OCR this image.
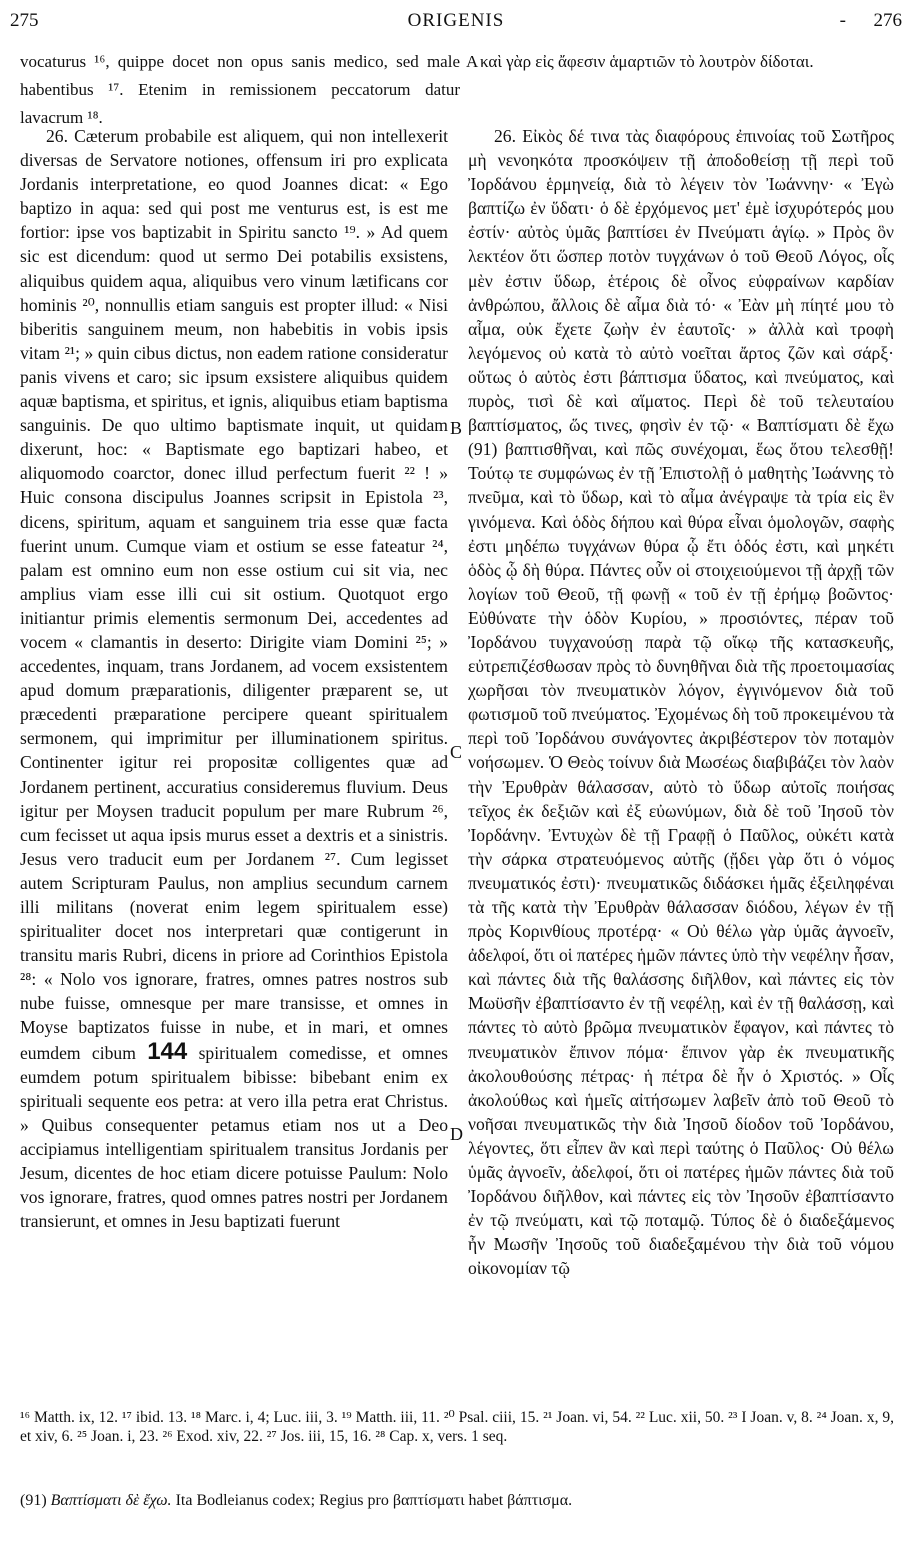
275	ORIGENIS	- 276
vocaturus ¹⁶, quippe docet non opus sanis medico, sed male habentibus ¹⁷. Etenim in remissionem peccatorum datur lavacrum ¹⁸.
A καὶ γὰρ εἰς ἄφεσιν ἁμαρτιῶν τὸ λουτρὸν δίδοται.

26. Cæterum probabile est aliquem, qui non intellexerit diversas de Servatore notiones, offensum iri pro explicata Jordanis interpretatione, eo quod Joannes dicat: « Ego baptizo in aqua: sed qui post me venturus est, is est me fortior: ipse vos baptizabit in Spiritu sancto ¹⁹. » Ad quem sic est dicendum: quod ut sermo Dei potabilis exsistens, aliquibus quidem aqua, aliquibus vero vinum lætificans cor hominis ²⁰, nonnullis etiam sanguis est propter illud: « Nisi biberitis sanguinem meum, non habebitis in vobis ipsis vitam ²¹; » quin cibus dictus, non eadem ratione consideratur panis vivens et caro; sic ipsum exsistere aliquibus quidem aquæ baptisma, et spiritus, et ignis, aliquibus etiam baptisma sanguinis. De quo ultimo baptismate inquit, ut quidam dixerunt, hoc: « Baptismate ego baptizari habeo, et aliquomodo coarctor, donec illud perfectum fuerit ²² ! » Huic consona discipulus Joannes scripsit in Epistola ²³, dicens, spiritum, aquam et sanguinem tria esse quæ facta fuerint unum. Cumque viam et ostium se esse fateatur ²⁴, palam est omnino eum non esse ostium cui sit via, nec amplius viam esse illi cui sit ostium. Quotquot ergo initiantur primis elementis sermonum Dei, accedentes ad vocem « clamantis in deserto: Dirigite viam Domini ²⁵; » accedentes, inquam, trans Jordanem, ad vocem exsistentem apud domum præparationis, diligenter præparent se, ut præcedenti præparatione percipere queant spiritualem sermonem, qui imprimitur per illuminationem spiritus. Continenter igitur rei propositæ colligentes quæ ad Jordanem pertinent, accuratius consideremus fluvium. Deus igitur per Moysen traducit populum per mare Rubrum ²⁶, cum fecisset ut aqua ipsis murus esset a dextris et a sinistris. Jesus vero traducit eum per Jordanem ²⁷. Cum legisset autem Scripturam Paulus, non amplius secundum carnem illi militans (noverat enim legem spiritualem esse) spiritualiter docet nos interpretari quæ contigerunt in transitu maris Rubri, dicens in priore ad Corinthios Epistola ²⁸: « Nolo vos ignorare, fratres, omnes patres nostros sub nube fuisse, omnesque per mare transisse, et omnes in Moyse baptizatos fuisse in nube, et in mari, et omnes eumdem cibum 144 spiritualem comedisse, et omnes eumdem potum spiritualem bibisse: bibebant enim ex spirituali sequente eos petra: at vero illa petra erat Christus. » Quibus consequenter petamus etiam nos ut a Deo accipiamus intelligentiam spiritualem transitus Jordanis per Jesum, dicentes de hoc etiam dicere potuisse Paulum: Nolo vos ignorare, fratres, quod omnes patres nostri per Jordanem transierunt, et omnes in Jesu baptizati fuerunt

B
C
D

26. Εἰκὸς δέ τινα τὰς διαφόρους ἐπινοίας τοῦ Σωτῆρος μὴ νενοηκότα προσκόψειν τῇ ἀποδοθείσῃ τῇ περὶ τοῦ Ἰορδάνου ἑρμηνείᾳ, διὰ τὸ λέγειν τὸν Ἰωάννην· « Ἐγὼ βαπτίζω ἐν ὕδατι· ὁ δὲ ἐρχόμενος μετ' ἐμὲ ἰσχυρότερός μου ἐστίν· αὐτὸς ὑμᾶς βαπτίσει ἐν Πνεύματι ἁγίῳ. » Πρὸς ὃν λεκτέον ὅτι ὥσπερ ποτὸν τυγχάνων ὁ τοῦ Θεοῦ Λόγος, οἷς μὲν ἐστιν ὕδωρ, ἑτέροις δὲ οἶνος εὐφραίνων καρδίαν ἀνθρώπου, ἄλλοις δὲ αἷμα διὰ τό· « Ἐὰν μὴ πίητέ μου τὸ αἷμα, οὐκ ἔχετε ζωὴν ἐν ἑαυτοῖς· » ἀλλὰ καὶ τροφὴ λεγόμενος οὐ κατὰ τὸ αὐτὸ νοεῖται ἄρτος ζῶν καὶ σάρξ· οὕτως ὁ αὐτὸς ἐστι βάπτισμα ὕδατος, καὶ πνεύματος, καὶ πυρὸς, τισὶ δὲ καὶ αἵματος. Περὶ δὲ τοῦ τελευταίου βαπτίσματος, ὥς τινες, φησὶν ἐν τῷ· « Βαπτίσματι δὲ ἔχω (91) βαπτισθῆναι, καὶ πῶς συνέχομαι, ἕως ὅτου τελεσθῇ! Τούτῳ τε συμφώνως ἐν τῇ Ἐπιστολῇ ὁ μαθητὴς Ἰωάννης τὸ πνεῦμα, καὶ τὸ ὕδωρ, καὶ τὸ αἷμα ἀνέγραψε τὰ τρία εἰς ἓν γινόμενα. Καὶ ὁδὸς δήπου καὶ θύρα εἶναι ὁμολογῶν, σαφὴς ἐστι μηδέπω τυγχάνων θύρα ᾧ ἔτι ὁδός ἐστι, καὶ μηκέτι ὁδὸς ᾧ δὴ θύρα. Πάντες οὖν οἱ στοιχειούμενοι τῇ ἀρχῇ τῶν λογίων τοῦ Θεοῦ, τῇ φωνῇ « τοῦ ἐν τῇ ἐρήμῳ βοῶντος· Εὐθύνατε τὴν ὁδὸν Κυρίου, » προσιόντες, πέραν τοῦ Ἰορδάνου τυγχανούσῃ παρὰ τῷ οἴκῳ τῆς κατασκευῆς, εὐτρεπιζέσθωσαν πρὸς τὸ δυνηθῆναι διὰ τῆς προετοιμασίας χωρῆσαι τὸν πνευματικὸν λόγον, ἐγγινόμενον διὰ τοῦ φωτισμοῦ τοῦ πνεύματος. Ἐχομένως δὴ τοῦ προκειμένου τὰ περὶ τοῦ Ἰορδάνου συνάγοντες ἀκριβέστερον τὸν ποταμὸν νοήσωμεν. Ὁ Θεὸς τοίνυν διὰ Μωσέως διαβιβάζει τὸν λαὸν τὴν Ἐρυθρὰν θάλασσαν, αὐτὸ τὸ ὕδωρ αὐτοῖς ποιήσας τεῖχος ἐκ δεξιῶν καὶ ἐξ εὐωνύμων, διὰ δὲ τοῦ Ἰησοῦ τὸν Ἰορδάνην. Ἐντυχὼν δὲ τῇ Γραφῇ ὁ Παῦλος, οὐκέτι κατὰ τὴν σάρκα στρατευόμενος αὐτῆς (ᾔδει γὰρ ὅτι ὁ νόμος πνευματικός ἐστι)· πνευματικῶς διδάσκει ἡμᾶς ἐξειληφέναι τὰ τῆς κατὰ τὴν Ἐρυθρὰν θάλασσαν διόδου, λέγων ἐν τῇ πρὸς Κορινθίους προτέρᾳ· « Οὐ θέλω γὰρ ὑμᾶς ἀγνοεῖν, ἀδελφοί, ὅτι οἱ πατέρες ἡμῶν πάντες ὑπὸ τὴν νεφέλην ἦσαν, καὶ πάντες διὰ τῆς θαλάσσης διῆλθον, καὶ πάντες εἰς τὸν Μωϋσῆν ἐβαπτίσαντο ἐν τῇ νεφέλῃ, καὶ ἐν τῇ θαλάσσῃ, καὶ πάντες τὸ αὐτὸ βρῶμα πνευματικὸν ἔφαγον, καὶ πάντες τὸ πνευματικὸν ἔπινον πόμα· ἔπινον γὰρ ἐκ πνευματικῆς ἀκολουθούσης πέτρας· ἡ πέτρα δὲ ἦν ὁ Χριστός. » Οἷς ἀκολούθως καὶ ἡμεῖς αἰτήσωμεν λαβεῖν ἀπὸ τοῦ Θεοῦ τὸ νοῆσαι πνευματικῶς τὴν διὰ Ἰησοῦ δίοδον τοῦ Ἰορδάνου, λέγοντες, ὅτι εἶπεν ἂν καὶ περὶ ταύτης ὁ Παῦλος· Οὐ θέλω ὑμᾶς ἀγνοεῖν, ἀδελφοί, ὅτι οἱ πατέρες ἡμῶν πάντες διὰ τοῦ Ἰορδάνου διῆλθον, καὶ πάντες εἰς τὸν Ἰησοῦν ἐβαπτίσαντο ἐν τῷ πνεύματι, καὶ τῷ ποταμῷ. Τύπος δὲ ὁ διαδεξάμενος ἦν Μωσῆν Ἰησοῦς τοῦ διαδεξαμένου τὴν διὰ τοῦ νόμου οἰκονομίαν τῷ

¹⁶ Matth. ix, 12. ¹⁷ ibid. 13. ¹⁸ Marc. i, 4; Luc. iii, 3. ¹⁹ Matth. iii, 11. ²⁰ Psal. ciii, 15. ²¹ Joan. vi, 54. ²² Luc. xii, 50. ²³ I Joan. v, 8. ²⁴ Joan. x, 9, et xiv, 6. ²⁵ Joan. i, 23. ²⁶ Exod. xiv, 22. ²⁷ Jos. iii, 15, 16. ²⁸ Cap. x, vers. 1 seq.
(91) Βαπτίσματι δὲ ἔχω. Ita Bodleianus codex; Regius pro βαπτίσματι habet βάπτισμα.
